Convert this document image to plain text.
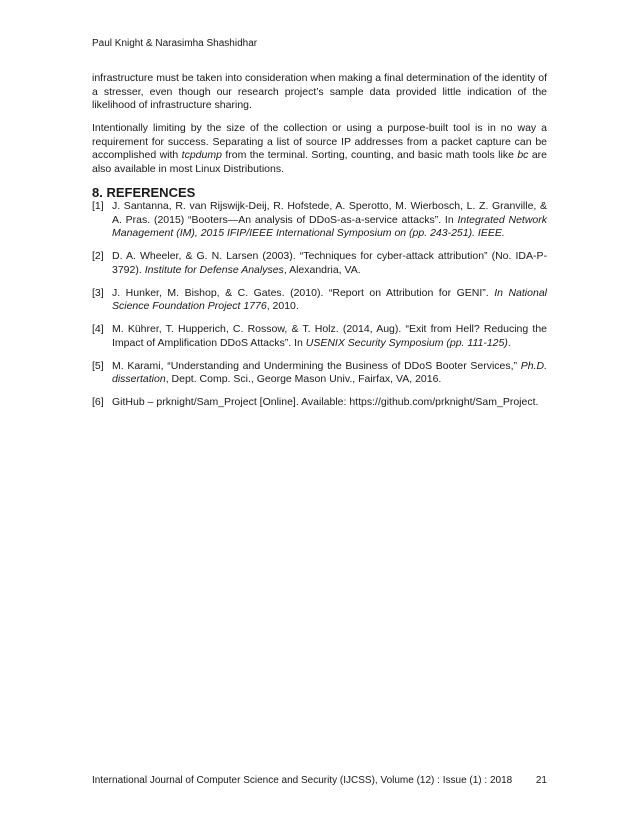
Paul Knight & Narasimha Shashidhar

infrastructure must be taken into consideration when making a final determination of the identity of a stresser, even though our research project’s sample data provided little indication of the likelihood of infrastructure sharing.

Intentionally limiting by the size of the collection or using a purpose-built tool is in no way a requirement for success. Separating a list of source IP addresses from a packet capture can be accomplished with tcpdump from the terminal. Sorting, counting, and basic math tools like bc are also available in most Linux Distributions.

8. REFERENCES
[1] J. Santanna, R. van Rijswijk-Deij, R. Hofstede, A. Sperotto, M. Wierbosch, L. Z. Granville, & A. Pras. (2015) “Booters—An analysis of DDoS-as-a-service attacks”. In Integrated Network Management (IM), 2015 IFIP/IEEE International Symposium on (pp. 243-251). IEEE.
[2] D. A. Wheeler, & G. N. Larsen (2003). “Techniques for cyber-attack attribution” (No. IDA-P-3792). Institute for Defense Analyses, Alexandria, VA.
[3] J. Hunker, M. Bishop, & C. Gates. (2010). “Report on Attribution for GENI”. In National Science Foundation Project 1776, 2010.
[4] M. Kührer, T. Hupperich, C. Rossow, & T. Holz. (2014, Aug). “Exit from Hell? Reducing the Impact of Amplification DDoS Attacks”. In USENIX Security Symposium (pp. 111-125).
[5] M. Karami, “Understanding and Undermining the Business of DDoS Booter Services,” Ph.D. dissertation, Dept. Comp. Sci., George Mason Univ., Fairfax, VA, 2016.
[6] GitHub – prknight/Sam_Project [Online]. Available: https://github.com/prknight/Sam_Project.
International Journal of Computer Science and Security (IJCSS), Volume (12) : Issue (1) : 2018 21
